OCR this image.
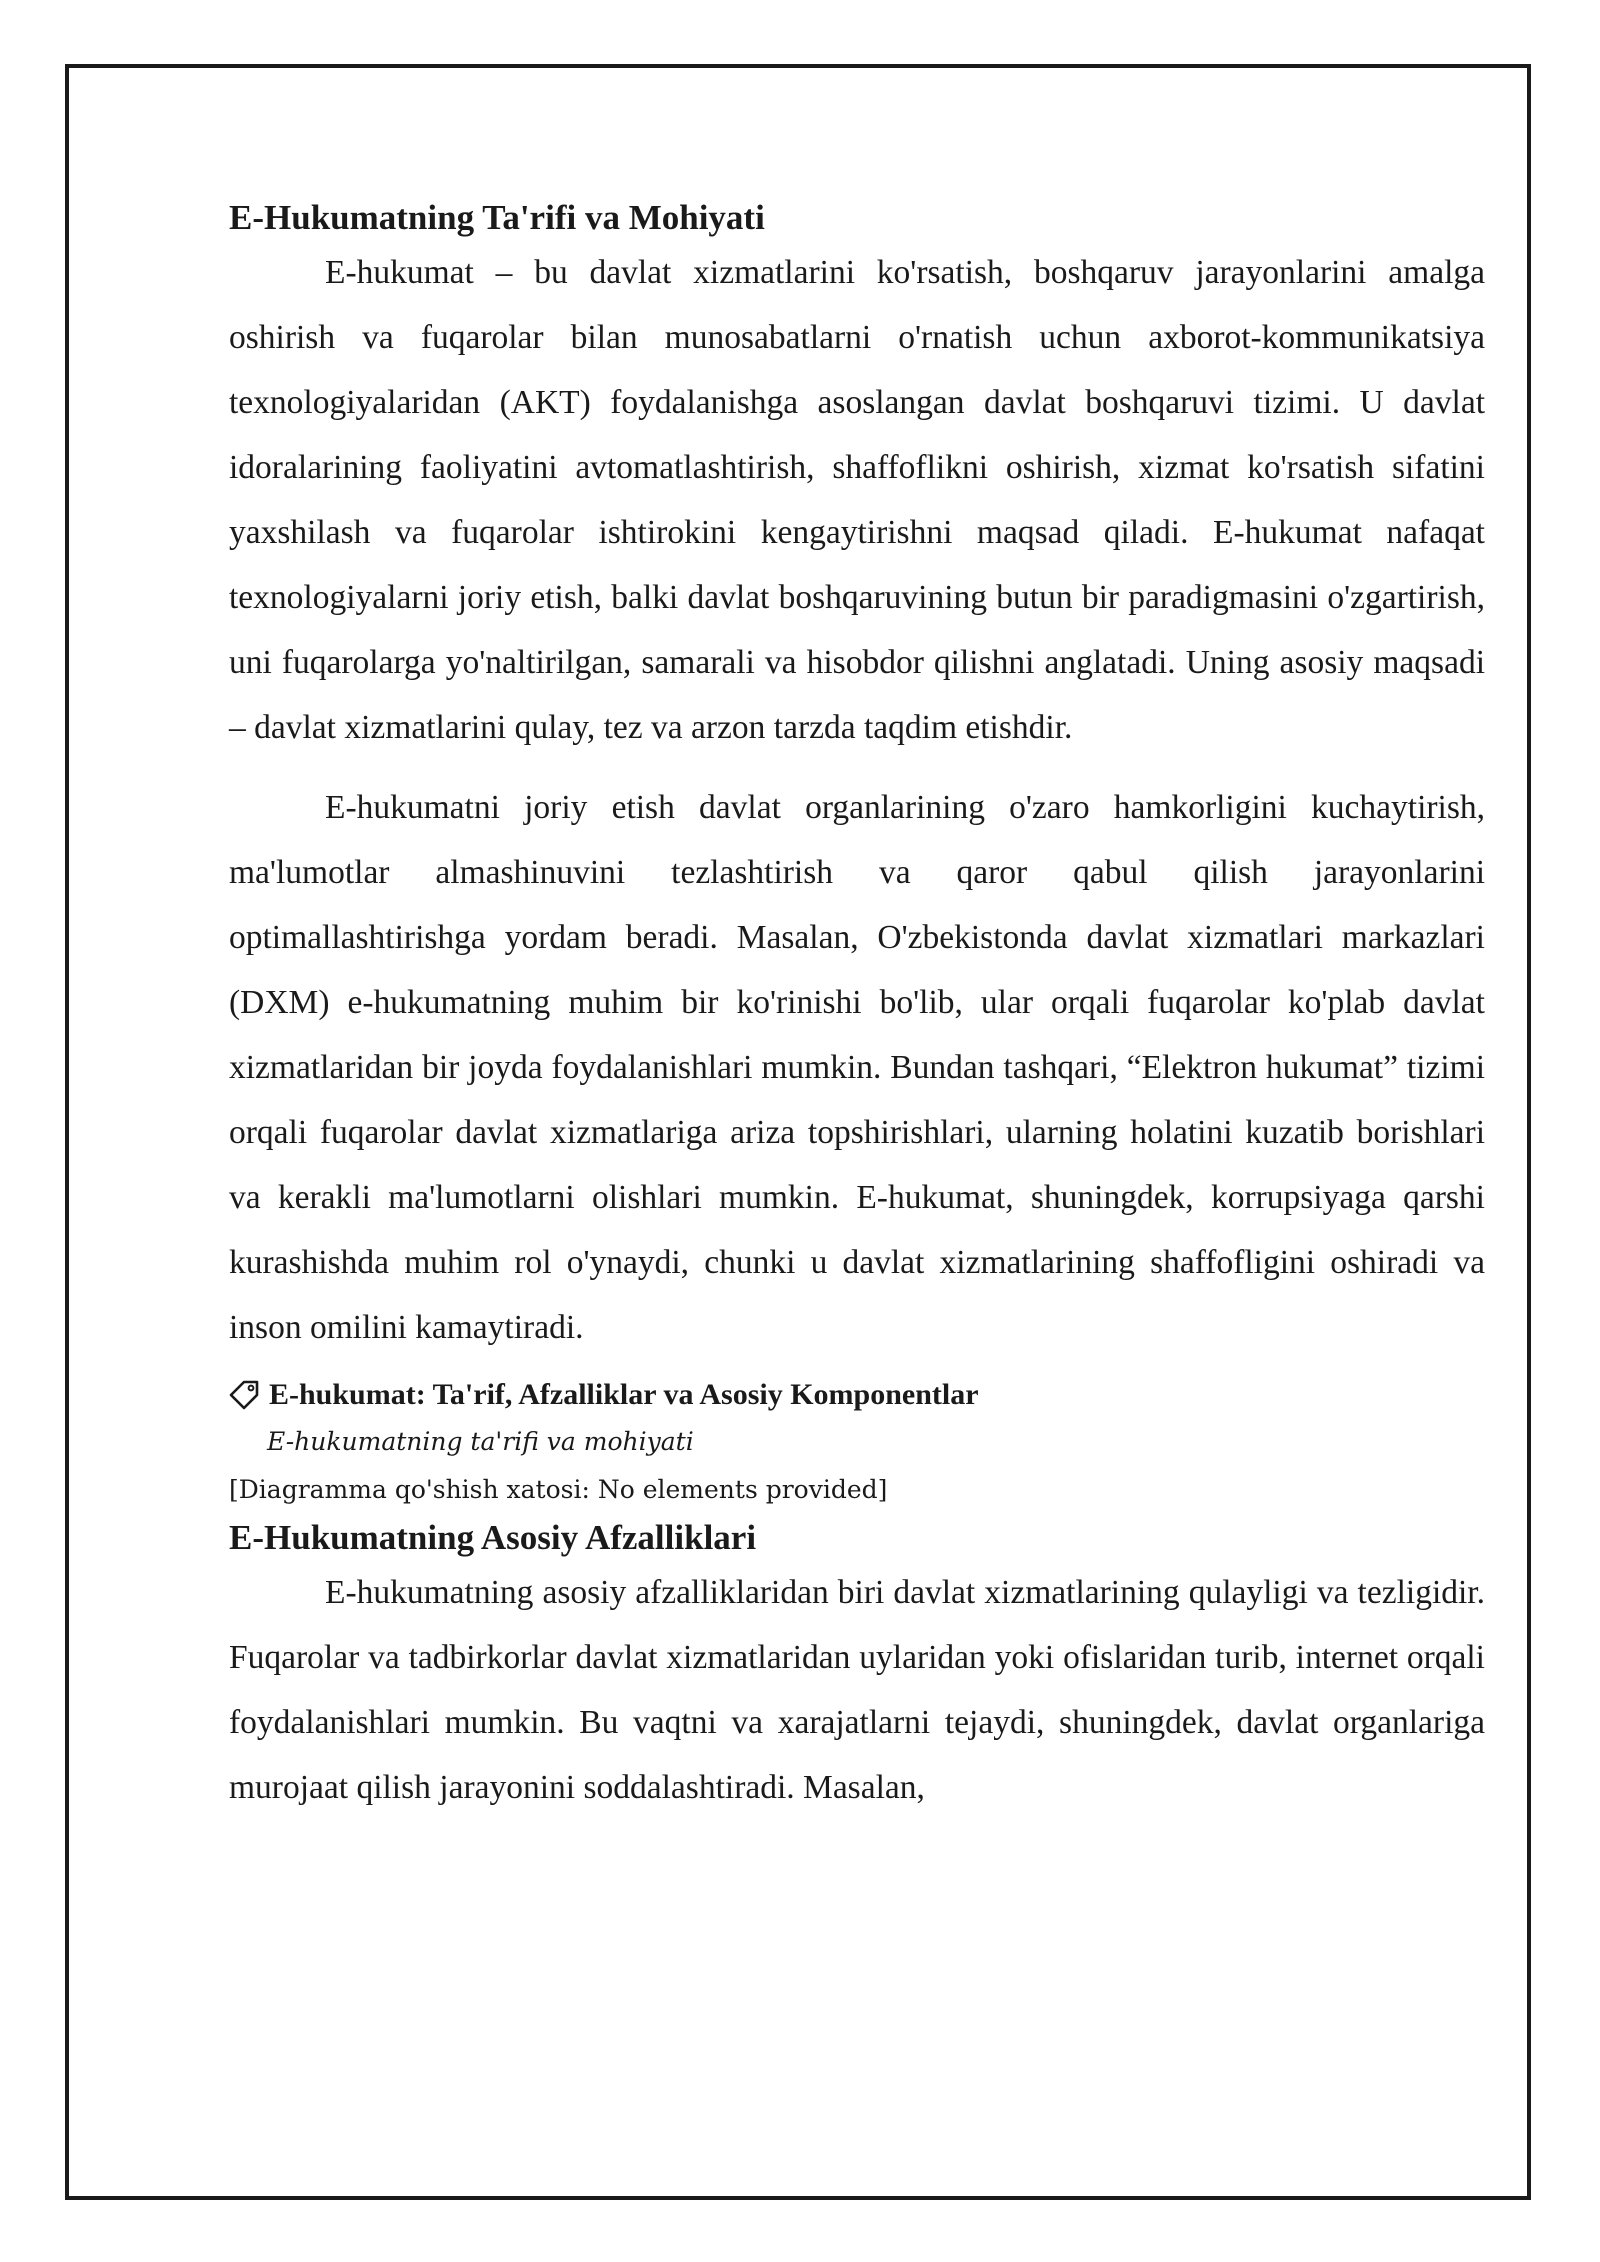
E-Hukumatning Ta'rifi va Mohiyati

E-hukumat – bu davlat xizmatlarini ko'rsatish, boshqaruv jarayonlarini amalga oshirish va fuqarolar bilan munosabatlarni o'rnatish uchun axborot-kommunikatsiya texnologiyalaridan (AKT) foydalanishga asoslangan davlat boshqaruvi tizimi. U davlat idoralarining faoliyatini avtomatlashtirish, shaffoflikni oshirish, xizmat ko'rsatish sifatini yaxshilash va fuqarolar ishtirokini kengaytirishni maqsad qiladi. E-hukumat nafaqat texnologiyalarni joriy etish, balki davlat boshqaruvining butun bir paradigmasini o'zgartirish, uni fuqarolarga yo'naltirilgan, samarali va hisobdor qilishni anglatadi. Uning asosiy maqsadi – davlat xizmatlarini qulay, tez va arzon tarzda taqdim etishdir.

E-hukumatni joriy etish davlat organlarining o'zaro hamkorligini kuchaytirish, ma'lumotlar almashinuvini tezlashtirish va qaror qabul qilish jarayonlarini optimallashtirishga yordam beradi. Masalan, O'zbekistonda davlat xizmatlari markazlari (DXM) e-hukumatning muhim bir ko'rinishi bo'lib, ular orqali fuqarolar ko'plab davlat xizmatlaridan bir joyda foydalanishlari mumkin. Bundan tashqari, “Elektron hukumat” tizimi orqali fuqarolar davlat xizmatlariga ariza topshirishlari, ularning holatini kuzatib borishlari va kerakli ma'lumotlarni olishlari mumkin. E-hukumat, shuningdek, korrupsiyaga qarshi kurashishda muhim rol o'ynaydi, chunki u davlat xizmatlarining shaffofligini oshiradi va inson omilini kamaytiradi.

E-hukumat: Ta'rif, Afzalliklar va Asosiy Komponentlar
E-hukumatning ta'rifi va mohiyati
[Diagramma qo'shish xatosi: No elements provided]
E-Hukumatning Asosiy Afzalliklari

E-hukumatning asosiy afzalliklaridan biri davlat xizmatlarining qulayligi va tezligidir. Fuqarolar va tadbirkorlar davlat xizmatlaridan uylaridan yoki ofislaridan turib, internet orqali foydalanishlari mumkin. Bu vaqtni va xarajatlarni tejaydi, shuningdek, davlat organlariga murojaat qilish jarayonini soddalashtiradi. Masalan,
